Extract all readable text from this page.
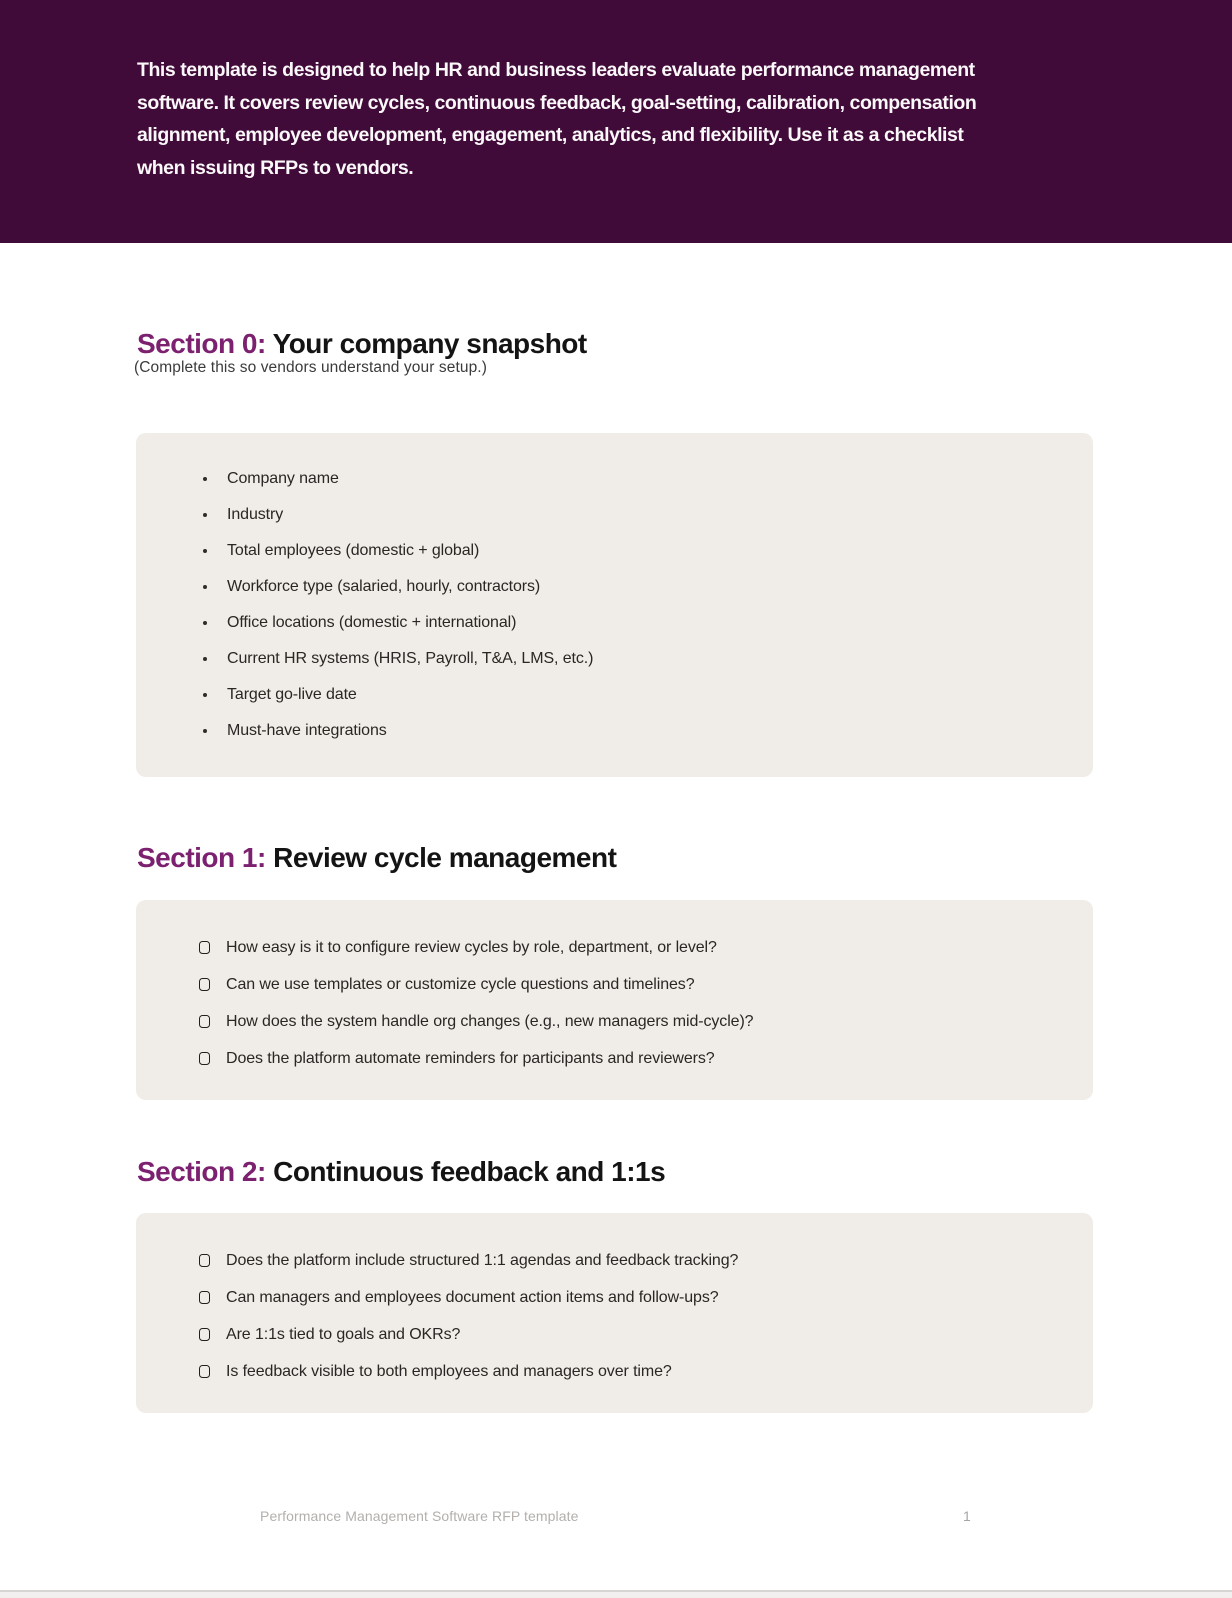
This template is designed to help HR and business leaders evaluate performance management
software. It covers review cycles, continuous feedback, goal-setting, calibration, compensation
alignment, employee development, engagement, analytics, and flexibility. Use it as a checklist
when issuing RFPs to vendors.
Section 0: Your company snapshot
(Complete this so vendors understand your setup.)
Company name
Industry
Total employees (domestic + global)
Workforce type (salaried, hourly, contractors)
Office locations (domestic + international)
Current HR systems (HRIS, Payroll, T&A, LMS, etc.)
Target go-live date
Must-have integrations
Section 1: Review cycle management
How easy is it to configure review cycles by role, department, or level?
Can we use templates or customize cycle questions and timelines?
How does the system handle org changes (e.g., new managers mid-cycle)?
Does the platform automate reminders for participants and reviewers?
Section 2: Continuous feedback and 1:1s
Does the platform include structured 1:1 agendas and feedback tracking?
Can managers and employees document action items and follow-ups?
Are 1:1s tied to goals and OKRs?
Is feedback visible to both employees and managers over time?
Performance Management Software RFP template	1
